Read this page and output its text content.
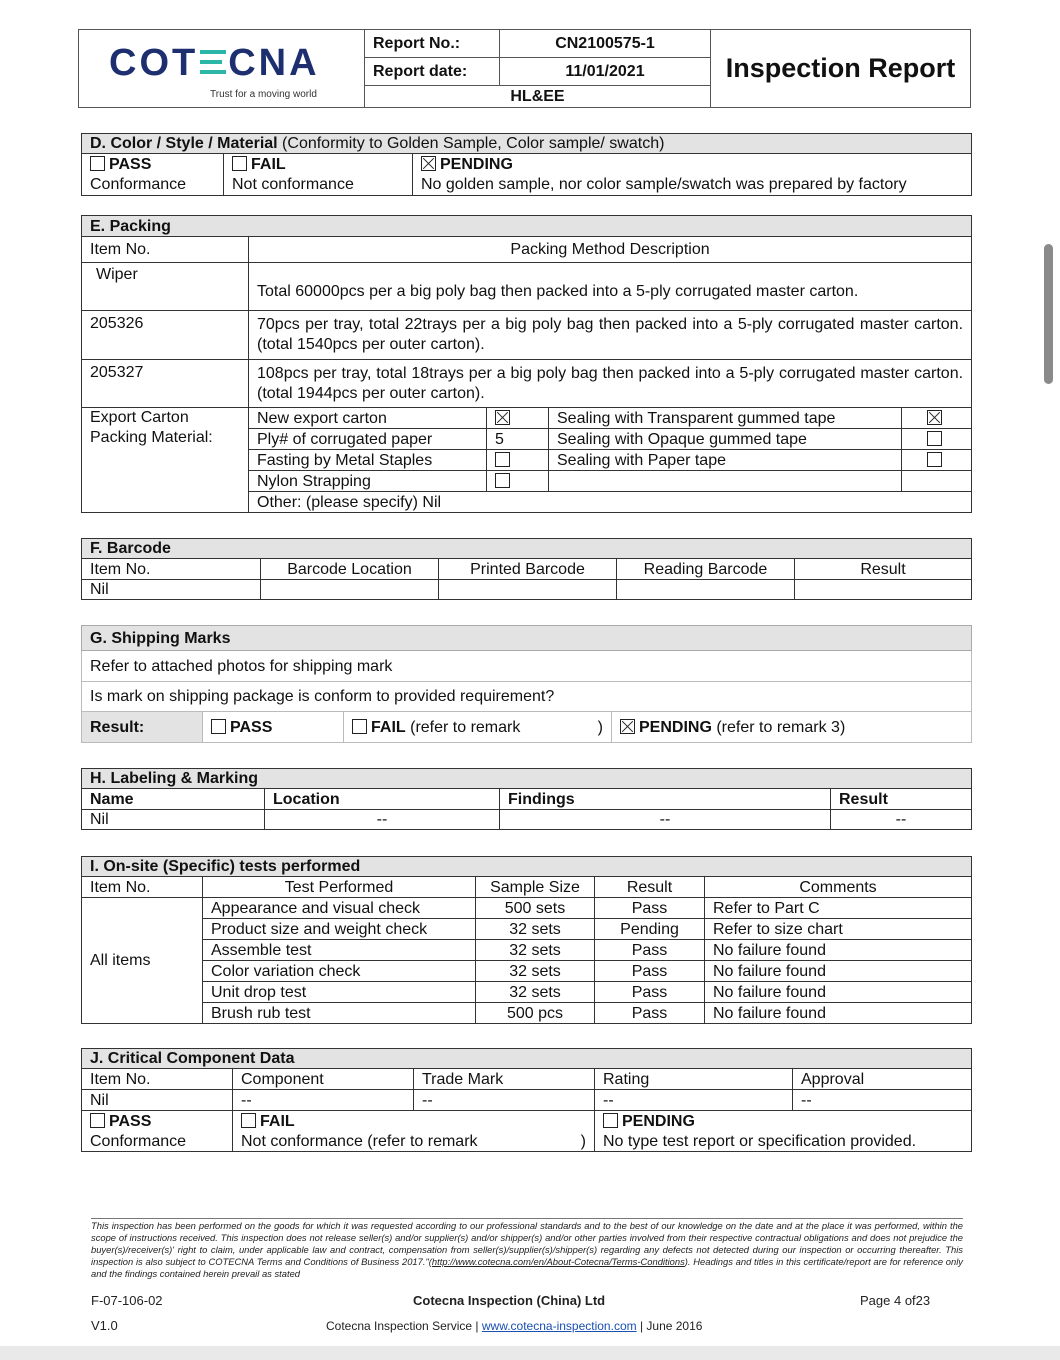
COT CNA
Trust for a moving world	Report No.:	CN2100575-1	Inspection Report
	Report date:	11/01/2021	
	HL&EE		
D. Color / Style / Material (Conformity to Golden Sample, Color sample/ swatch)		
PASS	FAIL	PENDING
Conformance	Not conformance	No golden sample, nor color sample/swatch was prepared by factory
E. Packing				
Item No.	Packing Method Description			
Wiper	Total 60000pcs per a big poly bag then packed into a 5-ply corrugated master carton.			
205326	70pcs per tray, total 22trays per a big poly bag then packed into a 5-ply corrugated master carton. (total 1540pcs per outer carton).			
205327	108pcs per tray, total 18trays per a big poly bag then packed into a 5-ply corrugated master carton. (total 1944pcs per outer carton).			
Export Carton
Packing Material:	New export carton		Sealing with Transparent gummed tape	
	Ply# of corrugated paper	5	Sealing with Opaque gummed tape	
	Fasting by Metal Staples		Sealing with Paper tape	
	Nylon Strapping			
	Other: (please specify) Nil			
F. Barcode				
Item No.	Barcode Location	Printed Barcode	Reading Barcode	Result
Nil				
G. Shipping Marks
Refer to attached photos for shipping mark
Is mark on shipping package is conform to provided requirement?
Result:	PASS	FAIL (refer to remark	)	PENDING (refer to remark 3)
H. Labeling & Marking			
Name	Location	Findings	Result
Nil	--	--	--
I. On-site (Specific) tests performed				
Item No.	Test Performed	Sample Size	Result	Comments
All items	Appearance and visual check	500 sets	Pass	Refer to Part C
	Product size and weight check	32 sets	Pending	Refer to size chart
	Assemble test	32 sets	Pass	No failure found
	Color variation check	32 sets	Pass	No failure found
	Unit drop test	32 sets	Pass	No failure found
	Brush rub test	500 pcs	Pass	No failure found
J. Critical Component Data				
Item No.	Component	Trade Mark	Rating	Approval
Nil	--	--	--	--
PASS	FAIL		PENDING	
Conformance	Not conformance (refer to remark )		No type test report or specification provided.	
This inspection has been performed on the goods for which it was requested according to our professional standards and to the best of our knowledge on the date and at the place it was performed, within the scope of instructions received. This inspection does not release seller(s) and/or supplier(s) and/or shipper(s) and/or other parties involved from their respective contractual obligations and does not prejudice the buyer(s)/receiver(s)' right to claim, under applicable law and contract, compensation from seller(s)/supplier(s)/shipper(s) regarding any defects not detected during our inspection or occurring thereafter. This inspection is also subject to COTECNA Terms and Conditions of Business 2017."(http://www.cotecna.com/en/About-Cotecna/Terms-Conditions). Headings and titles in this certificate/report are for reference only and the findings contained herein prevail as stated
F-07-106-02
V1.0
Cotecna Inspection (China) Ltd	Page 4 of23
Cotecna Inspection Service | www.cotecna-inspection.com | June 2016
